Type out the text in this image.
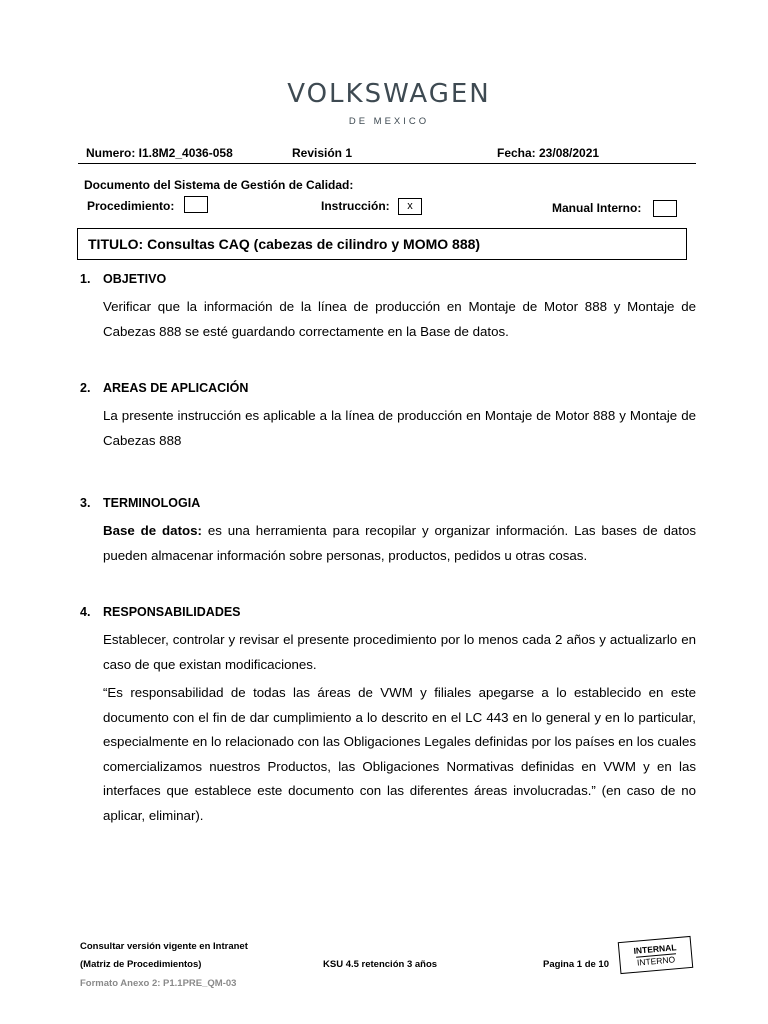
VOLKSWAGEN
DE MEXICO
Numero: I1.8M2_4036-058	Revisión 1	Fecha: 23/08/2021
Documento del Sistema de Gestión de Calidad:
Procedimiento:	Instrucción:	x	Manual Interno:
TITULO: Consultas CAQ (cabezas de cilindro y MOMO 888)
1. OBJETIVO

Verificar que la información de la línea de producción en Montaje de Motor 888 y Montaje de Cabezas 888 se esté guardando correctamente en la Base de datos.

2. AREAS DE APLICACIÓN

La presente instrucción es aplicable a la línea de producción en Montaje de Motor 888 y Montaje de Cabezas 888

3. TERMINOLOGIA

Base de datos: es una herramienta para recopilar y organizar información. Las bases de datos pueden almacenar información sobre personas, productos, pedidos u otras cosas.

4. RESPONSABILIDADES

Establecer, controlar y revisar el presente procedimiento por lo menos cada 2 años y actualizarlo en caso de que existan modificaciones.

“Es responsabilidad de todas las áreas de VWM y filiales apegarse a lo establecido en este documento con el fin de dar cumplimiento a lo descrito en el LC 443 en lo general y en lo particular, especialmente en lo relacionado con las Obligaciones Legales definidas por los países en los cuales comercializamos nuestros Productos, las Obligaciones Normativas definidas en VWM y en las interfaces que establece este documento con las diferentes áreas involucradas.” (en caso de no aplicar, eliminar).

Consultar versión vigente en Intranet
(Matriz de Procedimientos)	KSU 4.5 retención 3 años	Pagina 1 de 10
Formato Anexo 2: P1.1PRE_QM-03
INTERNAL
INTERNO
